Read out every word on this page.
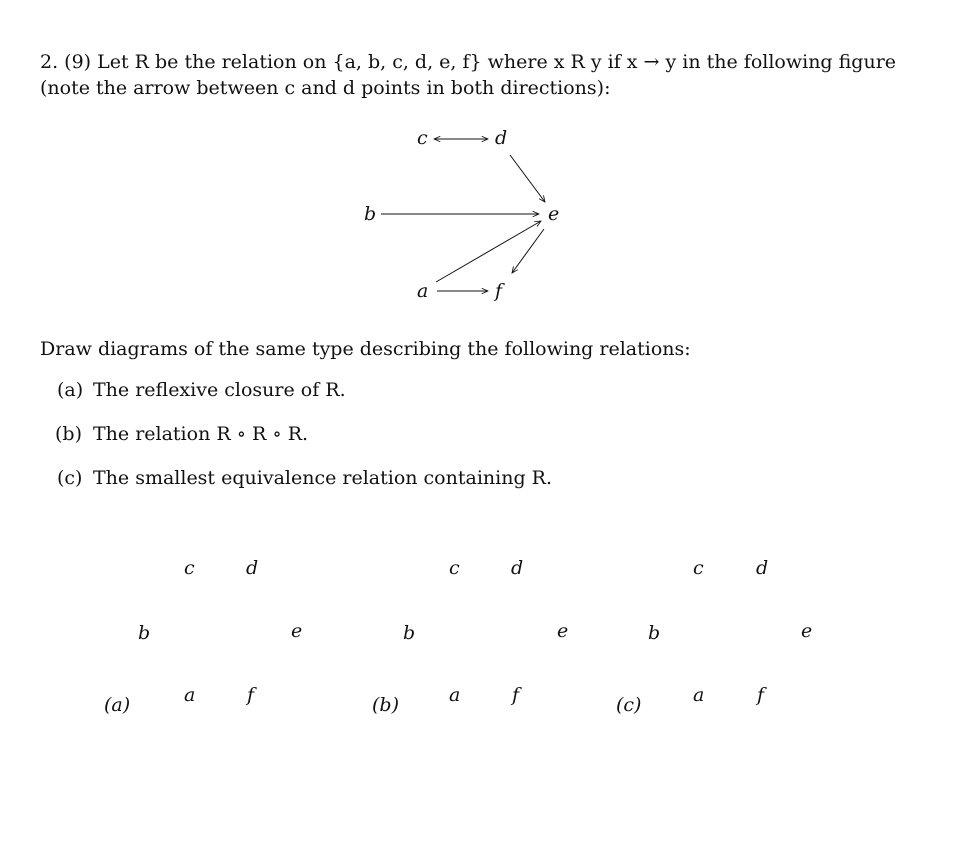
2. (9) Let R be the relation on {a, b, c, d, e, f} where x R y if x → y in the following figure
(note the arrow between c and d points in both directions):
c	d
b	e
a	f
Draw diagrams of the same type describing the following relations:
(a) The reflexive closure of R.
(b) The relation R ∘ R ∘ R.
(c) The smallest equivalence relation containing R.
c	d
b	e
a	f
(a)
c	d
b	e
a	f
(b)
c	d
b	e
a	f
(c)
